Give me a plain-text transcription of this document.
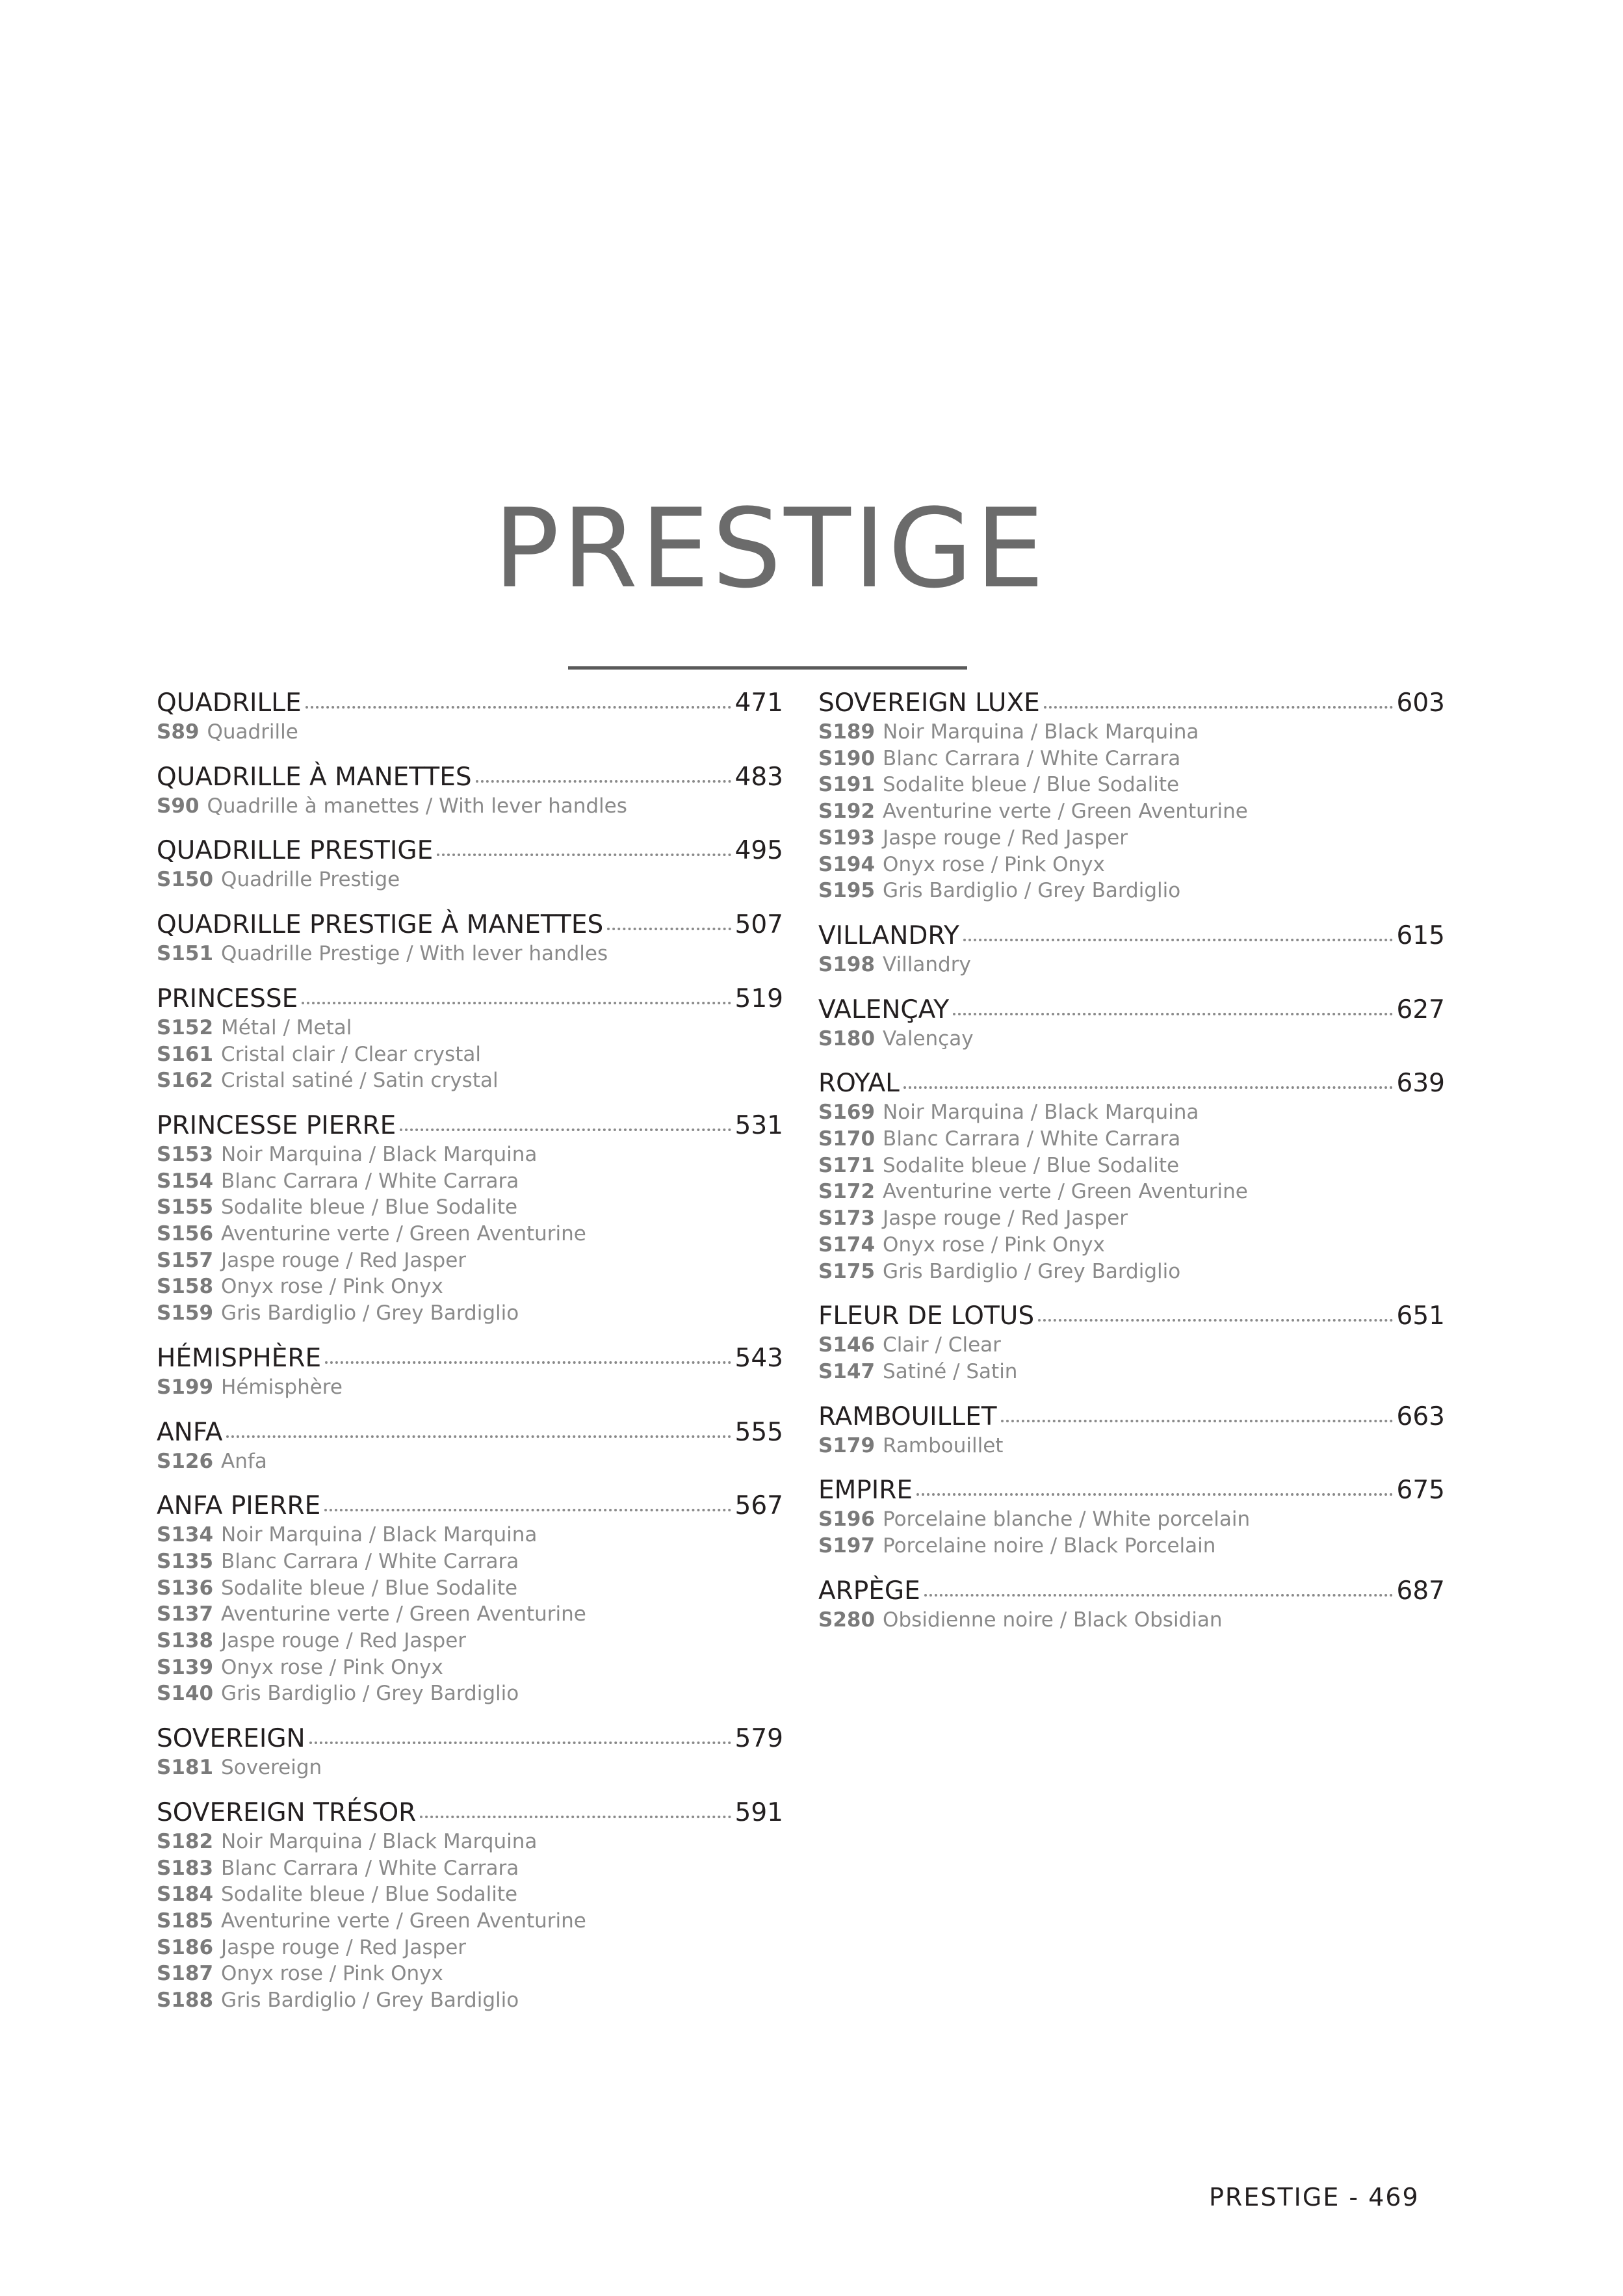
PRESTIGE
QUADRILLE	471
S89 Quadrille
QUADRILLE À MANETTES	483
S90 Quadrille à manettes / With lever handles
QUADRILLE PRESTIGE	495
S150 Quadrille Prestige
QUADRILLE PRESTIGE À MANETTES	507
S151 Quadrille Prestige / With lever handles
PRINCESSE	519
S152 Métal / Metal
S161 Cristal clair / Clear crystal
S162 Cristal satiné / Satin crystal
PRINCESSE PIERRE	531
S153 Noir Marquina / Black Marquina
S154 Blanc Carrara / White Carrara
S155 Sodalite bleue / Blue Sodalite
S156 Aventurine verte / Green Aventurine
S157 Jaspe rouge / Red Jasper
S158 Onyx rose / Pink Onyx
S159 Gris Bardiglio / Grey Bardiglio
HÉMISPHÈRE	543
S199 Hémisphère
ANFA	555
S126 Anfa
ANFA PIERRE	567
S134 Noir Marquina / Black Marquina
S135 Blanc Carrara / White Carrara
S136 Sodalite bleue / Blue Sodalite
S137 Aventurine verte / Green Aventurine
S138 Jaspe rouge / Red Jasper
S139 Onyx rose / Pink Onyx
S140 Gris Bardiglio / Grey Bardiglio
SOVEREIGN	579
S181 Sovereign
SOVEREIGN TRÉSOR	591
S182 Noir Marquina / Black Marquina
S183 Blanc Carrara / White Carrara
S184 Sodalite bleue / Blue Sodalite
S185 Aventurine verte / Green Aventurine
S186 Jaspe rouge / Red Jasper
S187 Onyx rose / Pink Onyx
S188 Gris Bardiglio / Grey Bardiglio
SOVEREIGN LUXE	603
S189 Noir Marquina / Black Marquina
S190 Blanc Carrara / White Carrara
S191 Sodalite bleue / Blue Sodalite
S192 Aventurine verte / Green Aventurine
S193 Jaspe rouge / Red Jasper
S194 Onyx rose / Pink Onyx
S195 Gris Bardiglio / Grey Bardiglio
VILLANDRY	615
S198 Villandry
VALENÇAY	627
S180 Valençay
ROYAL	639
S169 Noir Marquina / Black Marquina
S170 Blanc Carrara / White Carrara
S171 Sodalite bleue / Blue Sodalite
S172 Aventurine verte / Green Aventurine
S173 Jaspe rouge / Red Jasper
S174 Onyx rose / Pink Onyx
S175 Gris Bardiglio / Grey Bardiglio
FLEUR DE LOTUS	651
S146 Clair / Clear
S147 Satiné / Satin
RAMBOUILLET	663
S179 Rambouillet
EMPIRE	675
S196 Porcelaine blanche / White porcelain
S197 Porcelaine noire / Black Porcelain
ARPÈGE	687
S280 Obsidienne noire / Black Obsidian
PRESTIGE - 469
